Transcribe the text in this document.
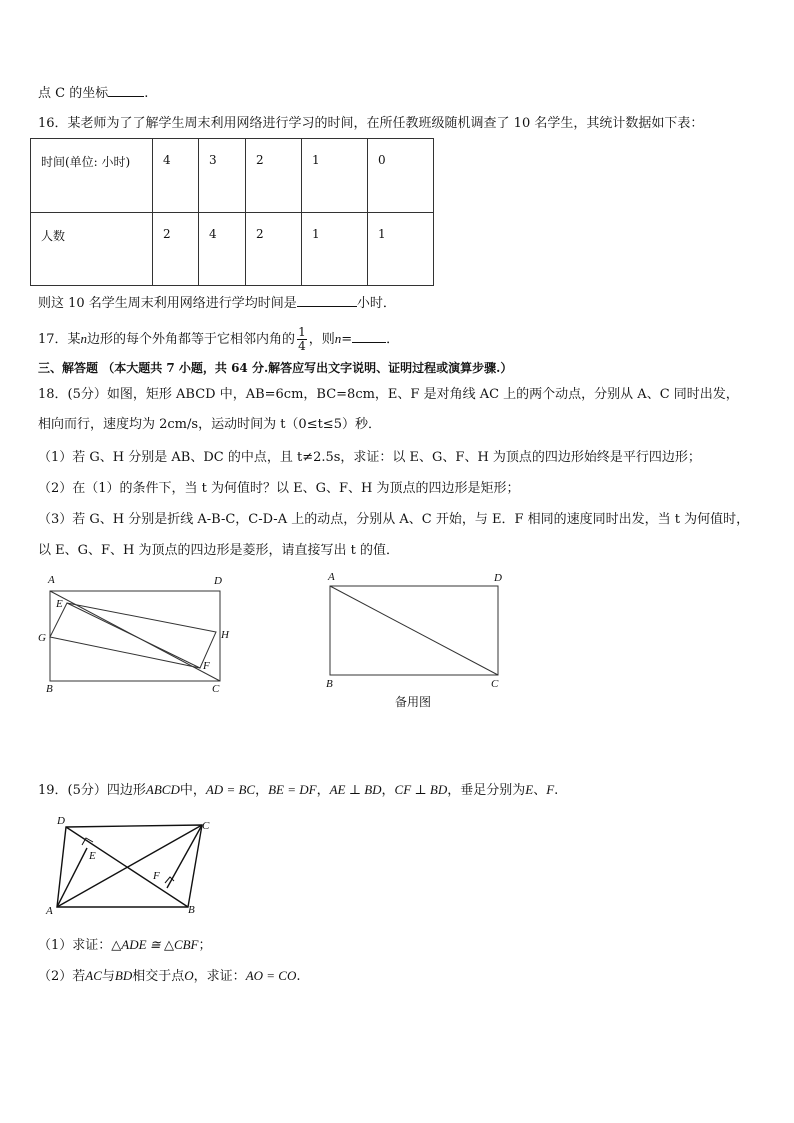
点 C 的坐标	.
16．某老师为了了解学生周末利用网络进行学习的时间，在所任教班级随机调查了 10 名学生，其统计数据如下表：
时间(单位: 小时)	4	3	2	1	0
人数	2	4	2	1	1
则这 10 名学生周末利用网络进行学均时间是	小时．
17．某n边形的每个外角都等于它相邻内角的 $\frac{1}{4}$ ，则n=	．
三、解答题 （本大题共 7 小题，共 64 分.解答应写出文字说明、证明过程或演算步骤.）
18．(5分）如图，矩形 ABCD 中，AB=6cm，BC=8cm，E、F 是对角线 AC 上的两个动点，分别从 A、C 同时出发，
相向而行，速度均为 2cm/s，运动时间为 t（0≤t≤5）秒．
（1）若 G、H 分别是 AB、DC 的中点，且 t≠2.5s，求证：以 E、G、F、H 为顶点的四边形始终是平行四边形；
（2）在（1）的条件下，当 t 为何值时？以 E、G、F、H 为顶点的四边形是矩形；
（3）若 G、H 分别是折线 A-B-C，C-D-A 上的动点，分别从 A、C 开始，与 E．F 相同的速度同时出发，当 t 为何值时，
以 E、G、F、H 为顶点的四边形是菱形，请直接写出 t 的值．
A	D
B	C
E
F
G	H
A	D
B	C
备用图
19．(5分）四边形ABCD中，AD = BC，BE = DF，AE ⊥ BD，CF ⊥ BD，垂足分别为E、F.
D	C
A	B
E
F
（1）求证：△ADE ≅ △CBF；
（2）若AC与BD相交于点O，求证：AO = CO.
